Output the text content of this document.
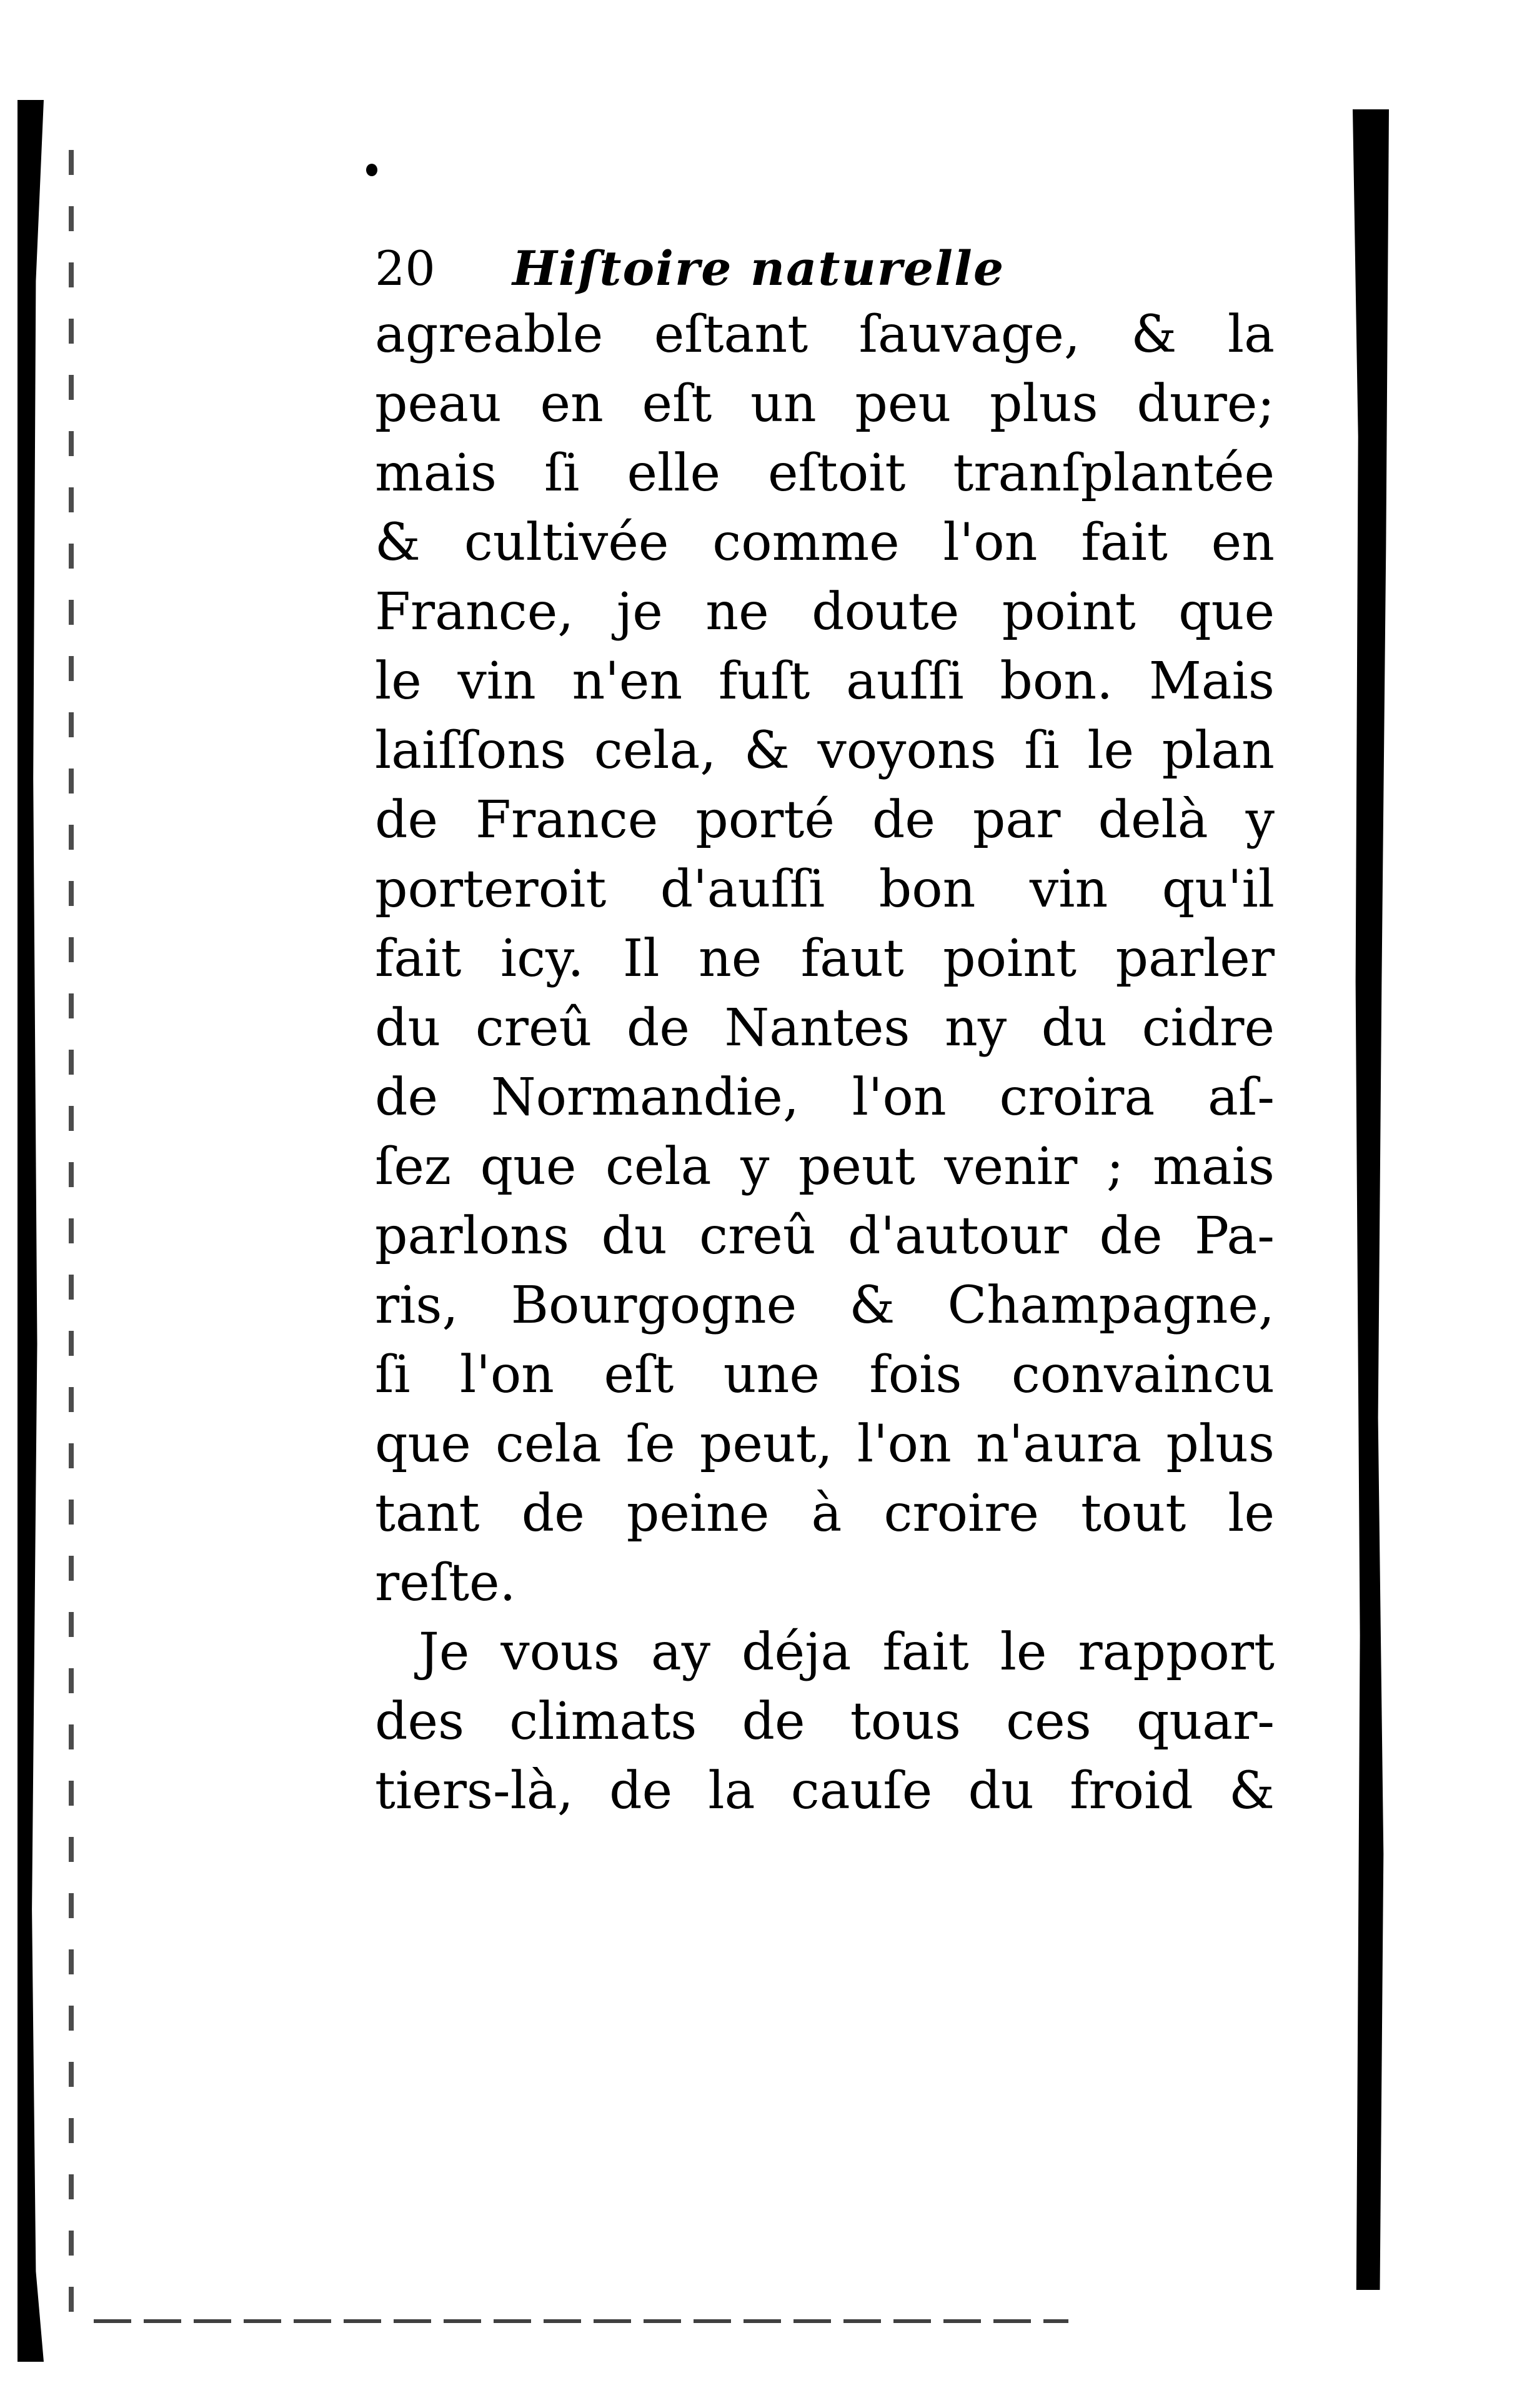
20 Hiſtoire naturelle
agreable eſtant ſauvage, & la
peau en eſt un peu plus dure;
mais ſi elle eſtoit tranſplantée
& cultivée comme l'on fait en
France, je ne doute point que
le vin n'en fuſt auſſi bon. Mais
laiſſons cela, & voyons ſi le plan
de France porté de par delà y
porteroit d'auſſi bon vin qu'il
fait icy. Il ne faut point parler
du creû de Nantes ny du cidre
de Normandie, l'on croira aſ-
ſez que cela y peut venir ; mais
parlons du creû d'autour de Pa-
ris, Bourgogne & Champagne,
ſi l'on eſt une fois convaincu
que cela ſe peut, l'on n'aura plus
tant de peine à croire tout le
reſte.
Je vous ay déja fait le rapport
des climats de tous ces quar-
tiers-là, de la cauſe du froid &
